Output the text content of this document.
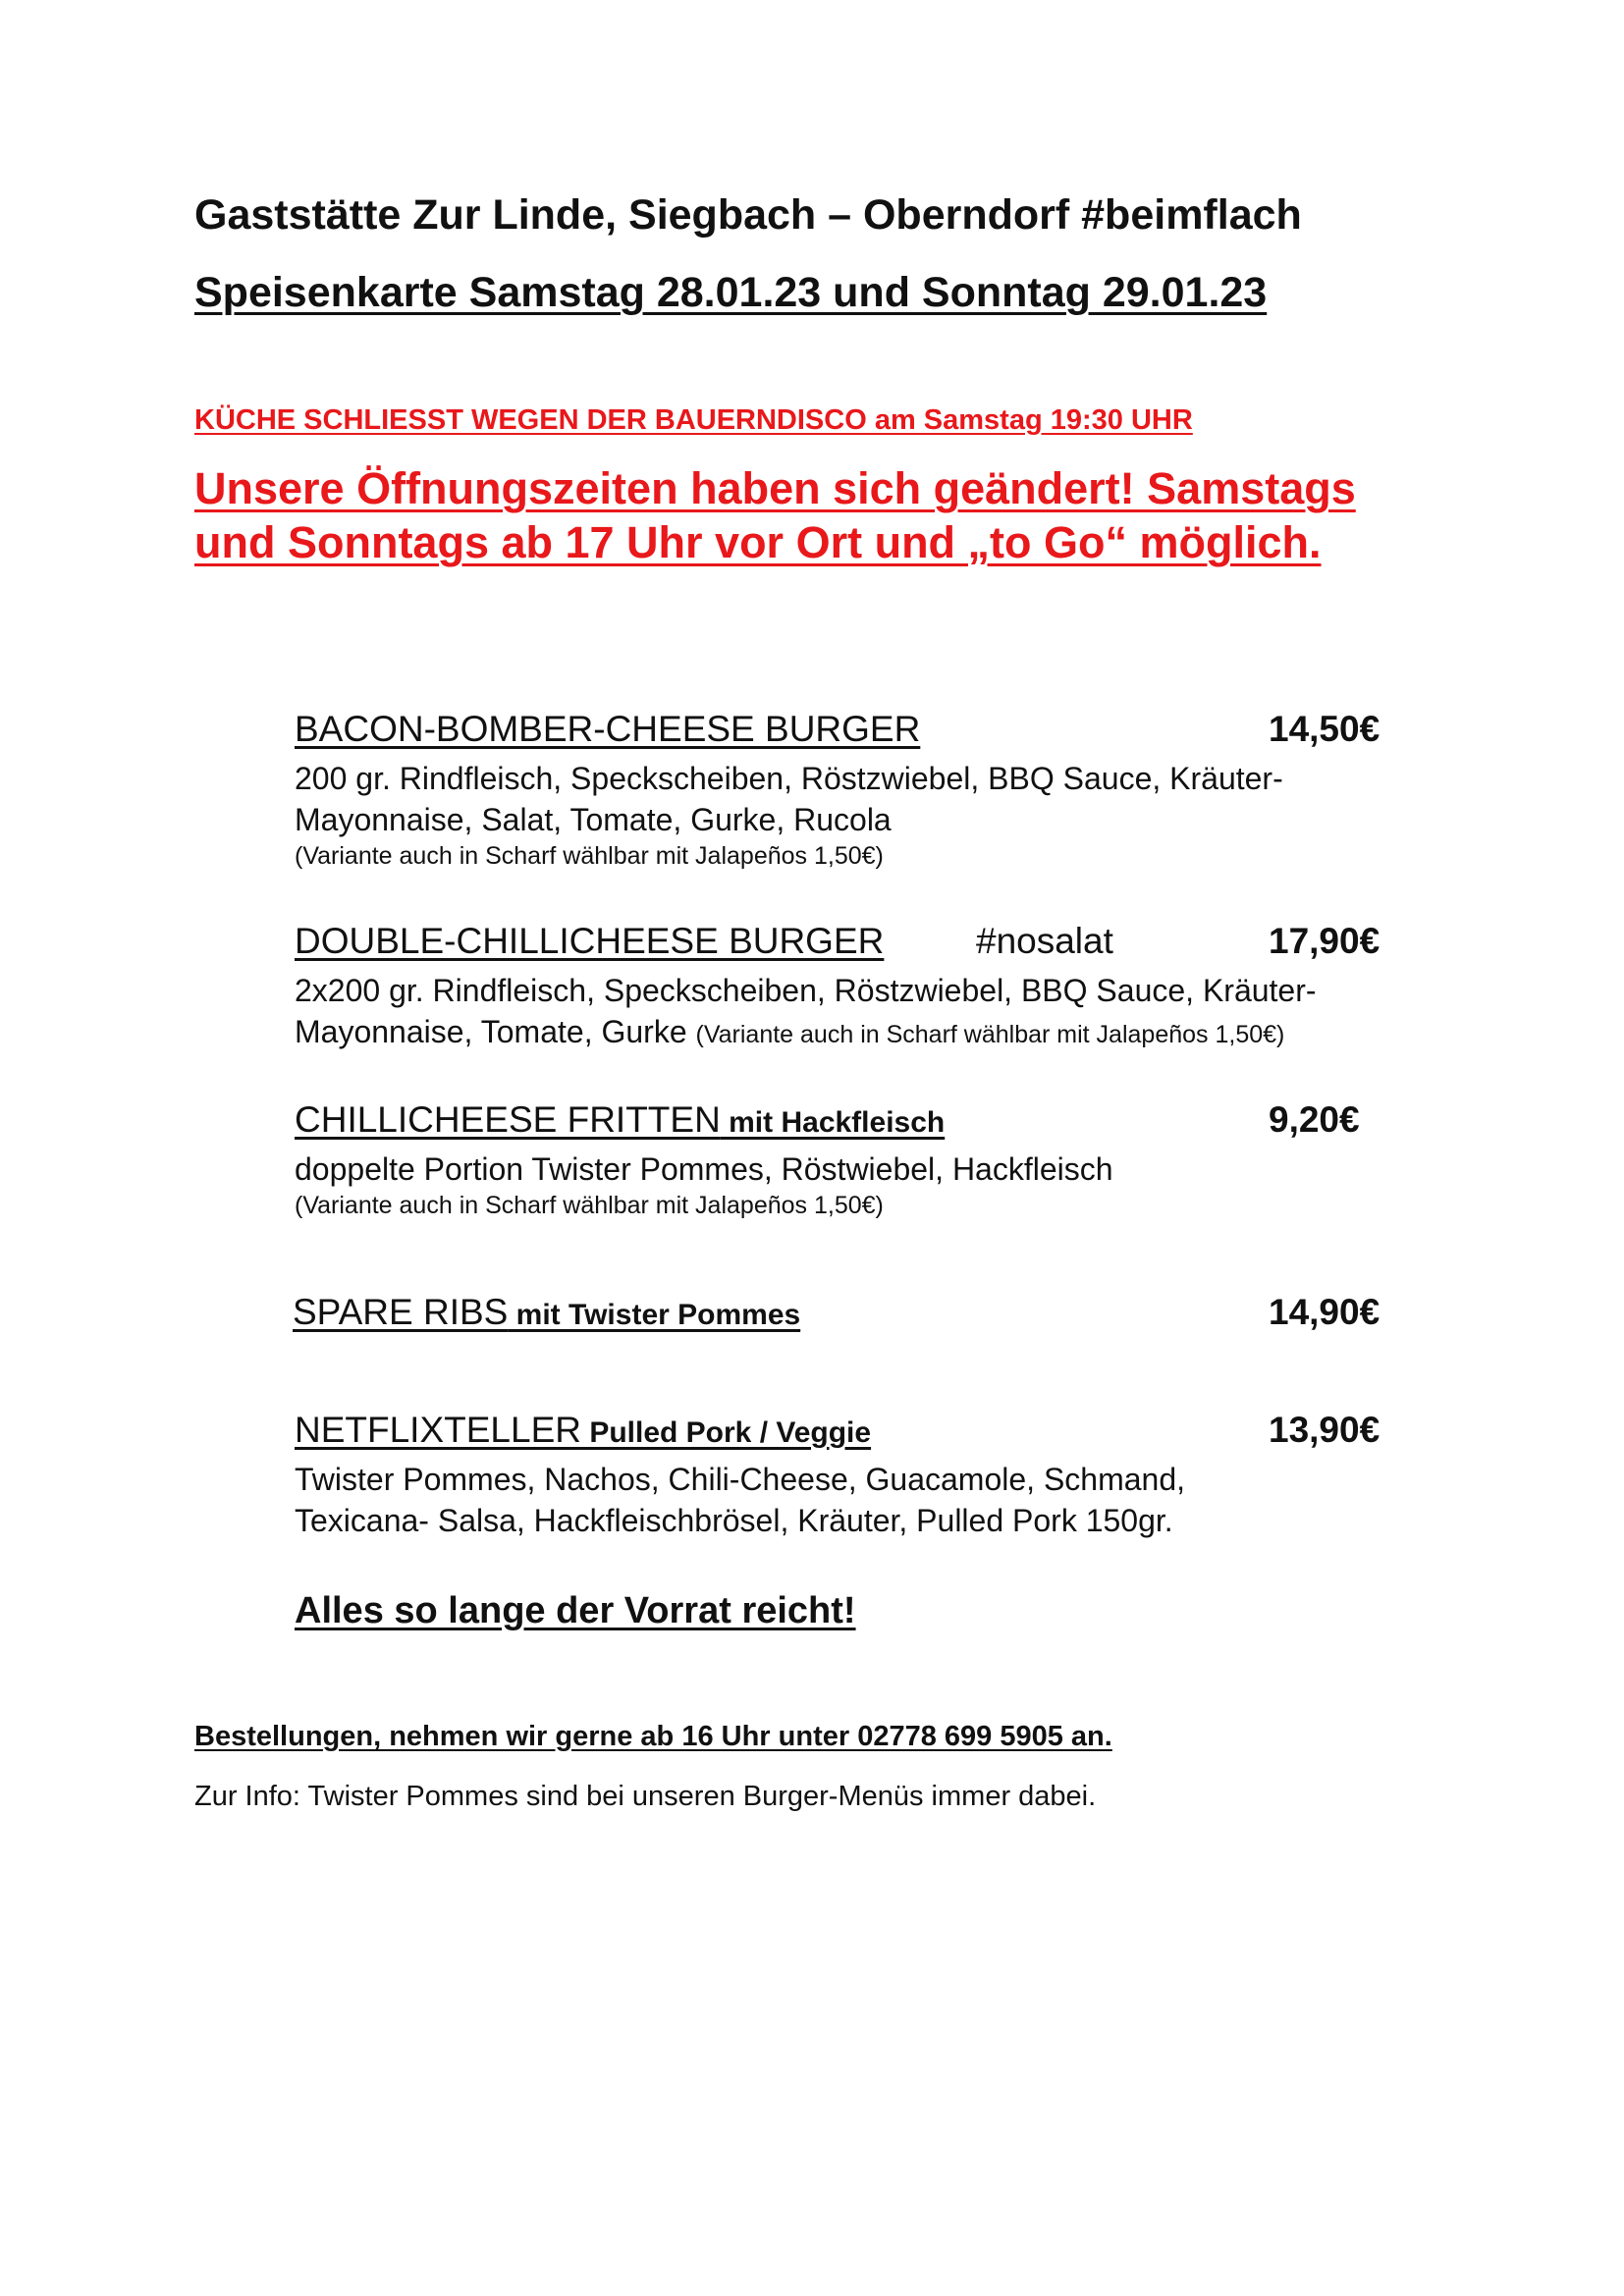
Gaststätte Zur Linde, Siegbach – Oberndorf #beimflach
Speisenkarte Samstag 28.01.23 und Sonntag 29.01.23
KÜCHE SCHLIESST WEGEN DER BAUERNDISCO am Samstag 19:30 UHR
Unsere Öffnungszeiten haben sich geändert! Samstags
und Sonntags ab 17 Uhr vor Ort und „to Go“ möglich.
BACON-BOMBER-CHEESE BURGER	14,50€
200 gr. Rindfleisch, Speckscheiben, Röstzwiebel, BBQ Sauce, Kräuter-
Mayonnaise, Salat, Tomate, Gurke, Rucola
(Variante auch in Scharf wählbar mit Jalapeños 1,50€)
DOUBLE-CHILLICHEESE BURGER	#nosalat	17,90€
2x200 gr. Rindfleisch, Speckscheiben, Röstzwiebel, BBQ Sauce, Kräuter-
Mayonnaise, Tomate, Gurke (Variante auch in Scharf wählbar mit Jalapeños 1,50€)
CHILLICHEESE FRITTEN mit Hackfleisch	9,20€
doppelte Portion Twister Pommes, Röstwiebel, Hackfleisch
(Variante auch in Scharf wählbar mit Jalapeños 1,50€)
SPARE RIBS mit Twister Pommes	14,90€
NETFLIXTELLER Pulled Pork / Veggie	13,90€
Twister Pommes, Nachos, Chili-Cheese, Guacamole, Schmand,
Texicana- Salsa, Hackfleischbrösel, Kräuter, Pulled Pork 150gr.
Alles so lange der Vorrat reicht!
Bestellungen, nehmen wir gerne ab 16 Uhr unter 02778 699 5905 an.
Zur Info: Twister Pommes sind bei unseren Burger-Menüs immer dabei.
